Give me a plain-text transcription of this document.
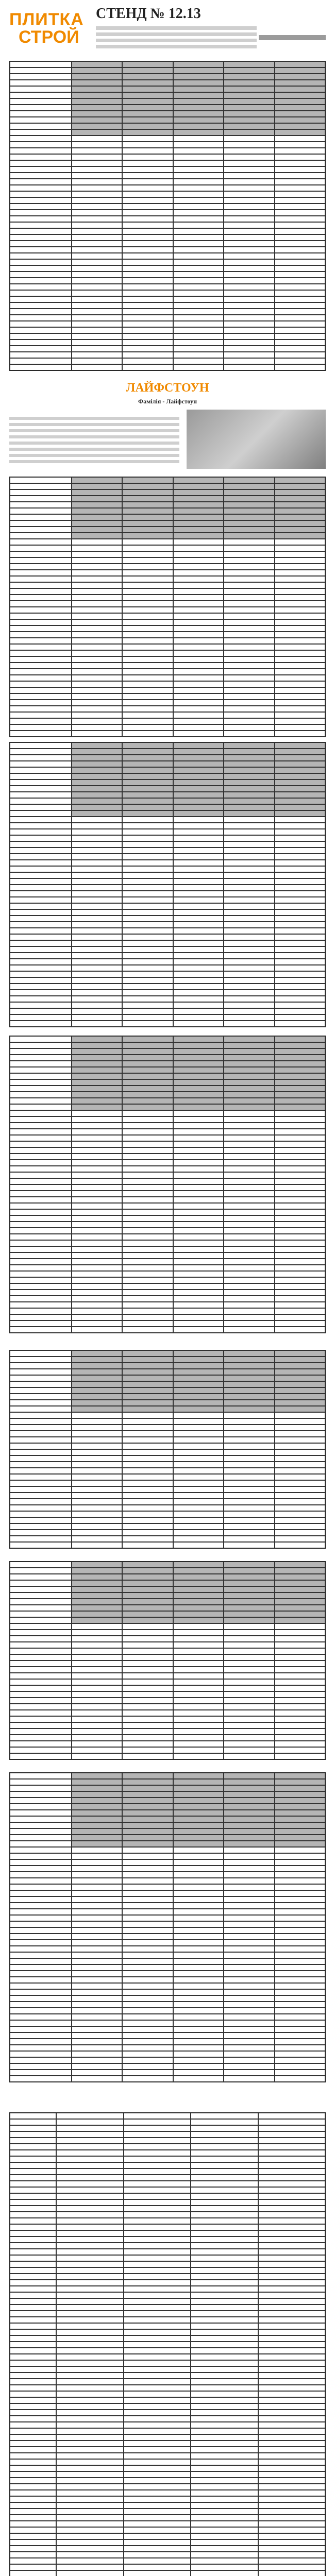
ПЛИТКА
СТРОЙ
СТЕНД № 12.13
ЛАЙФСТОУН
Фамілія - Лайфстоун
